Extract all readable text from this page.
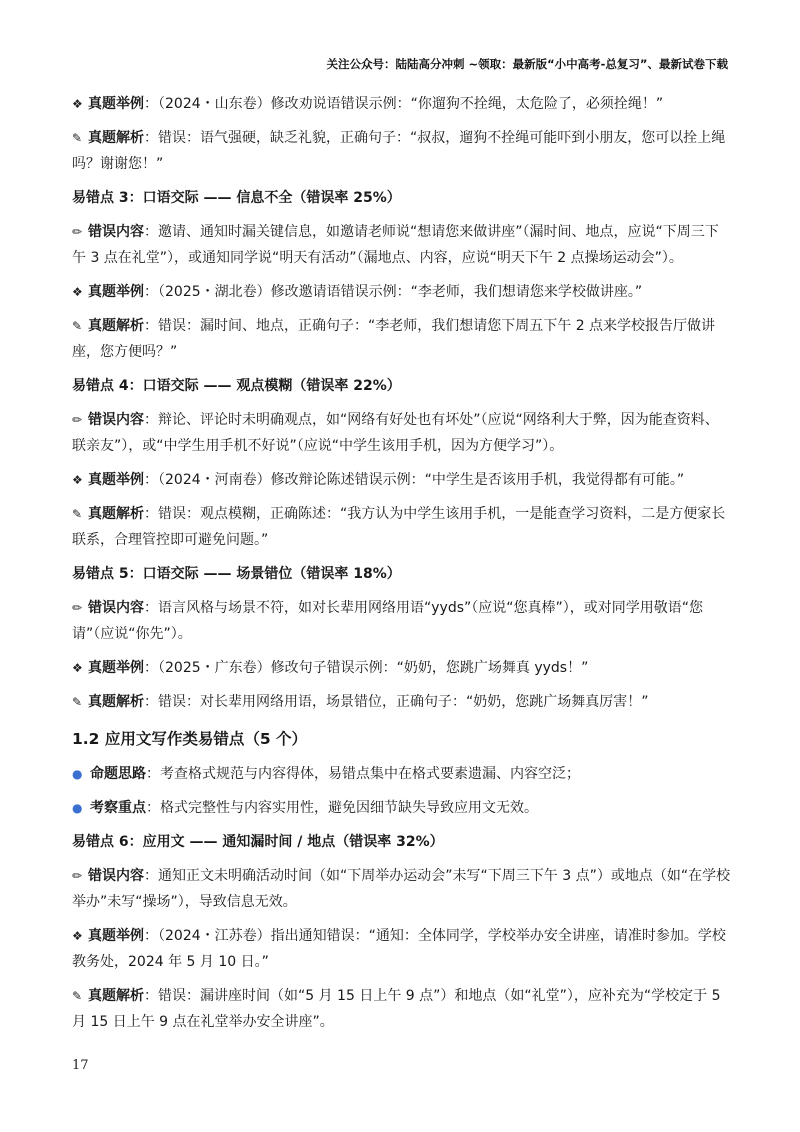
关注公众号：陆陆高分冲刺 ~领取：最新版“小中高考-总复习”、最新试卷下载
❖ 真题举例：（2024・山东卷）修改劝说语错误示例：“你遛狗不拴绳，太危险了，必须拴绳！”
✎ 真题解析：错误：语气强硬，缺乏礼貌，正确句子：“叔叔，遛狗不拴绳可能吓到小朋友，您可以拴上绳吗？谢谢您！”
易错点 3：口语交际 —— 信息不全（错误率 25%）
✏ 错误内容：邀请、通知时漏关键信息，如邀请老师说“想请您来做讲座”（漏时间、地点，应说“下周三下午 3 点在礼堂”），或通知同学说“明天有活动”（漏地点、内容，应说“明天下午 2 点操场运动会”）。
❖ 真题举例：（2025・湖北卷）修改邀请语错误示例：“李老师，我们想请您来学校做讲座。”
✎ 真题解析：错误：漏时间、地点，正确句子：“李老师，我们想请您下周五下午 2 点来学校报告厅做讲座，您方便吗？”
易错点 4：口语交际 —— 观点模糊（错误率 22%）
✏ 错误内容：辩论、评论时未明确观点，如“网络有好处也有坏处”（应说“网络利大于弊，因为能查资料、联亲友”），或“中学生用手机不好说”（应说“中学生该用手机，因为方便学习”）。
❖ 真题举例：（2024・河南卷）修改辩论陈述错误示例：“中学生是否该用手机，我觉得都有可能。”
✎ 真题解析：错误：观点模糊，正确陈述：“我方认为中学生该用手机，一是能查学习资料，二是方便家长联系，合理管控即可避免问题。”
易错点 5：口语交际 —— 场景错位（错误率 18%）
✏ 错误内容：语言风格与场景不符，如对长辈用网络用语“yyds”（应说“您真棒”），或对同学用敬语“您请”（应说“你先”）。
❖ 真题举例：（2025・广东卷）修改句子错误示例：“奶奶，您跳广场舞真 yyds！”
✎ 真题解析：错误：对长辈用网络用语，场景错位，正确句子：“奶奶，您跳广场舞真厉害！”
1.2 应用文写作类易错点（5 个）
● 命题思路：考查格式规范与内容得体，易错点集中在格式要素遗漏、内容空泛；
● 考察重点：格式完整性与内容实用性，避免因细节缺失导致应用文无效。
易错点 6：应用文 —— 通知漏时间 / 地点（错误率 32%）
✏ 错误内容：通知正文未明确活动时间（如“下周举办运动会”未写“下周三下午 3 点”）或地点（如“在学校举办”未写“操场”），导致信息无效。
❖ 真题举例：（2024・江苏卷）指出通知错误：“通知：全体同学，学校举办安全讲座，请准时参加。学校教务处，2024 年 5 月 10 日。”
✎ 真题解析：错误：漏讲座时间（如“5 月 15 日上午 9 点”）和地点（如“礼堂”），应补充为“学校定于 5 月 15 日上午 9 点在礼堂举办安全讲座”。
17
